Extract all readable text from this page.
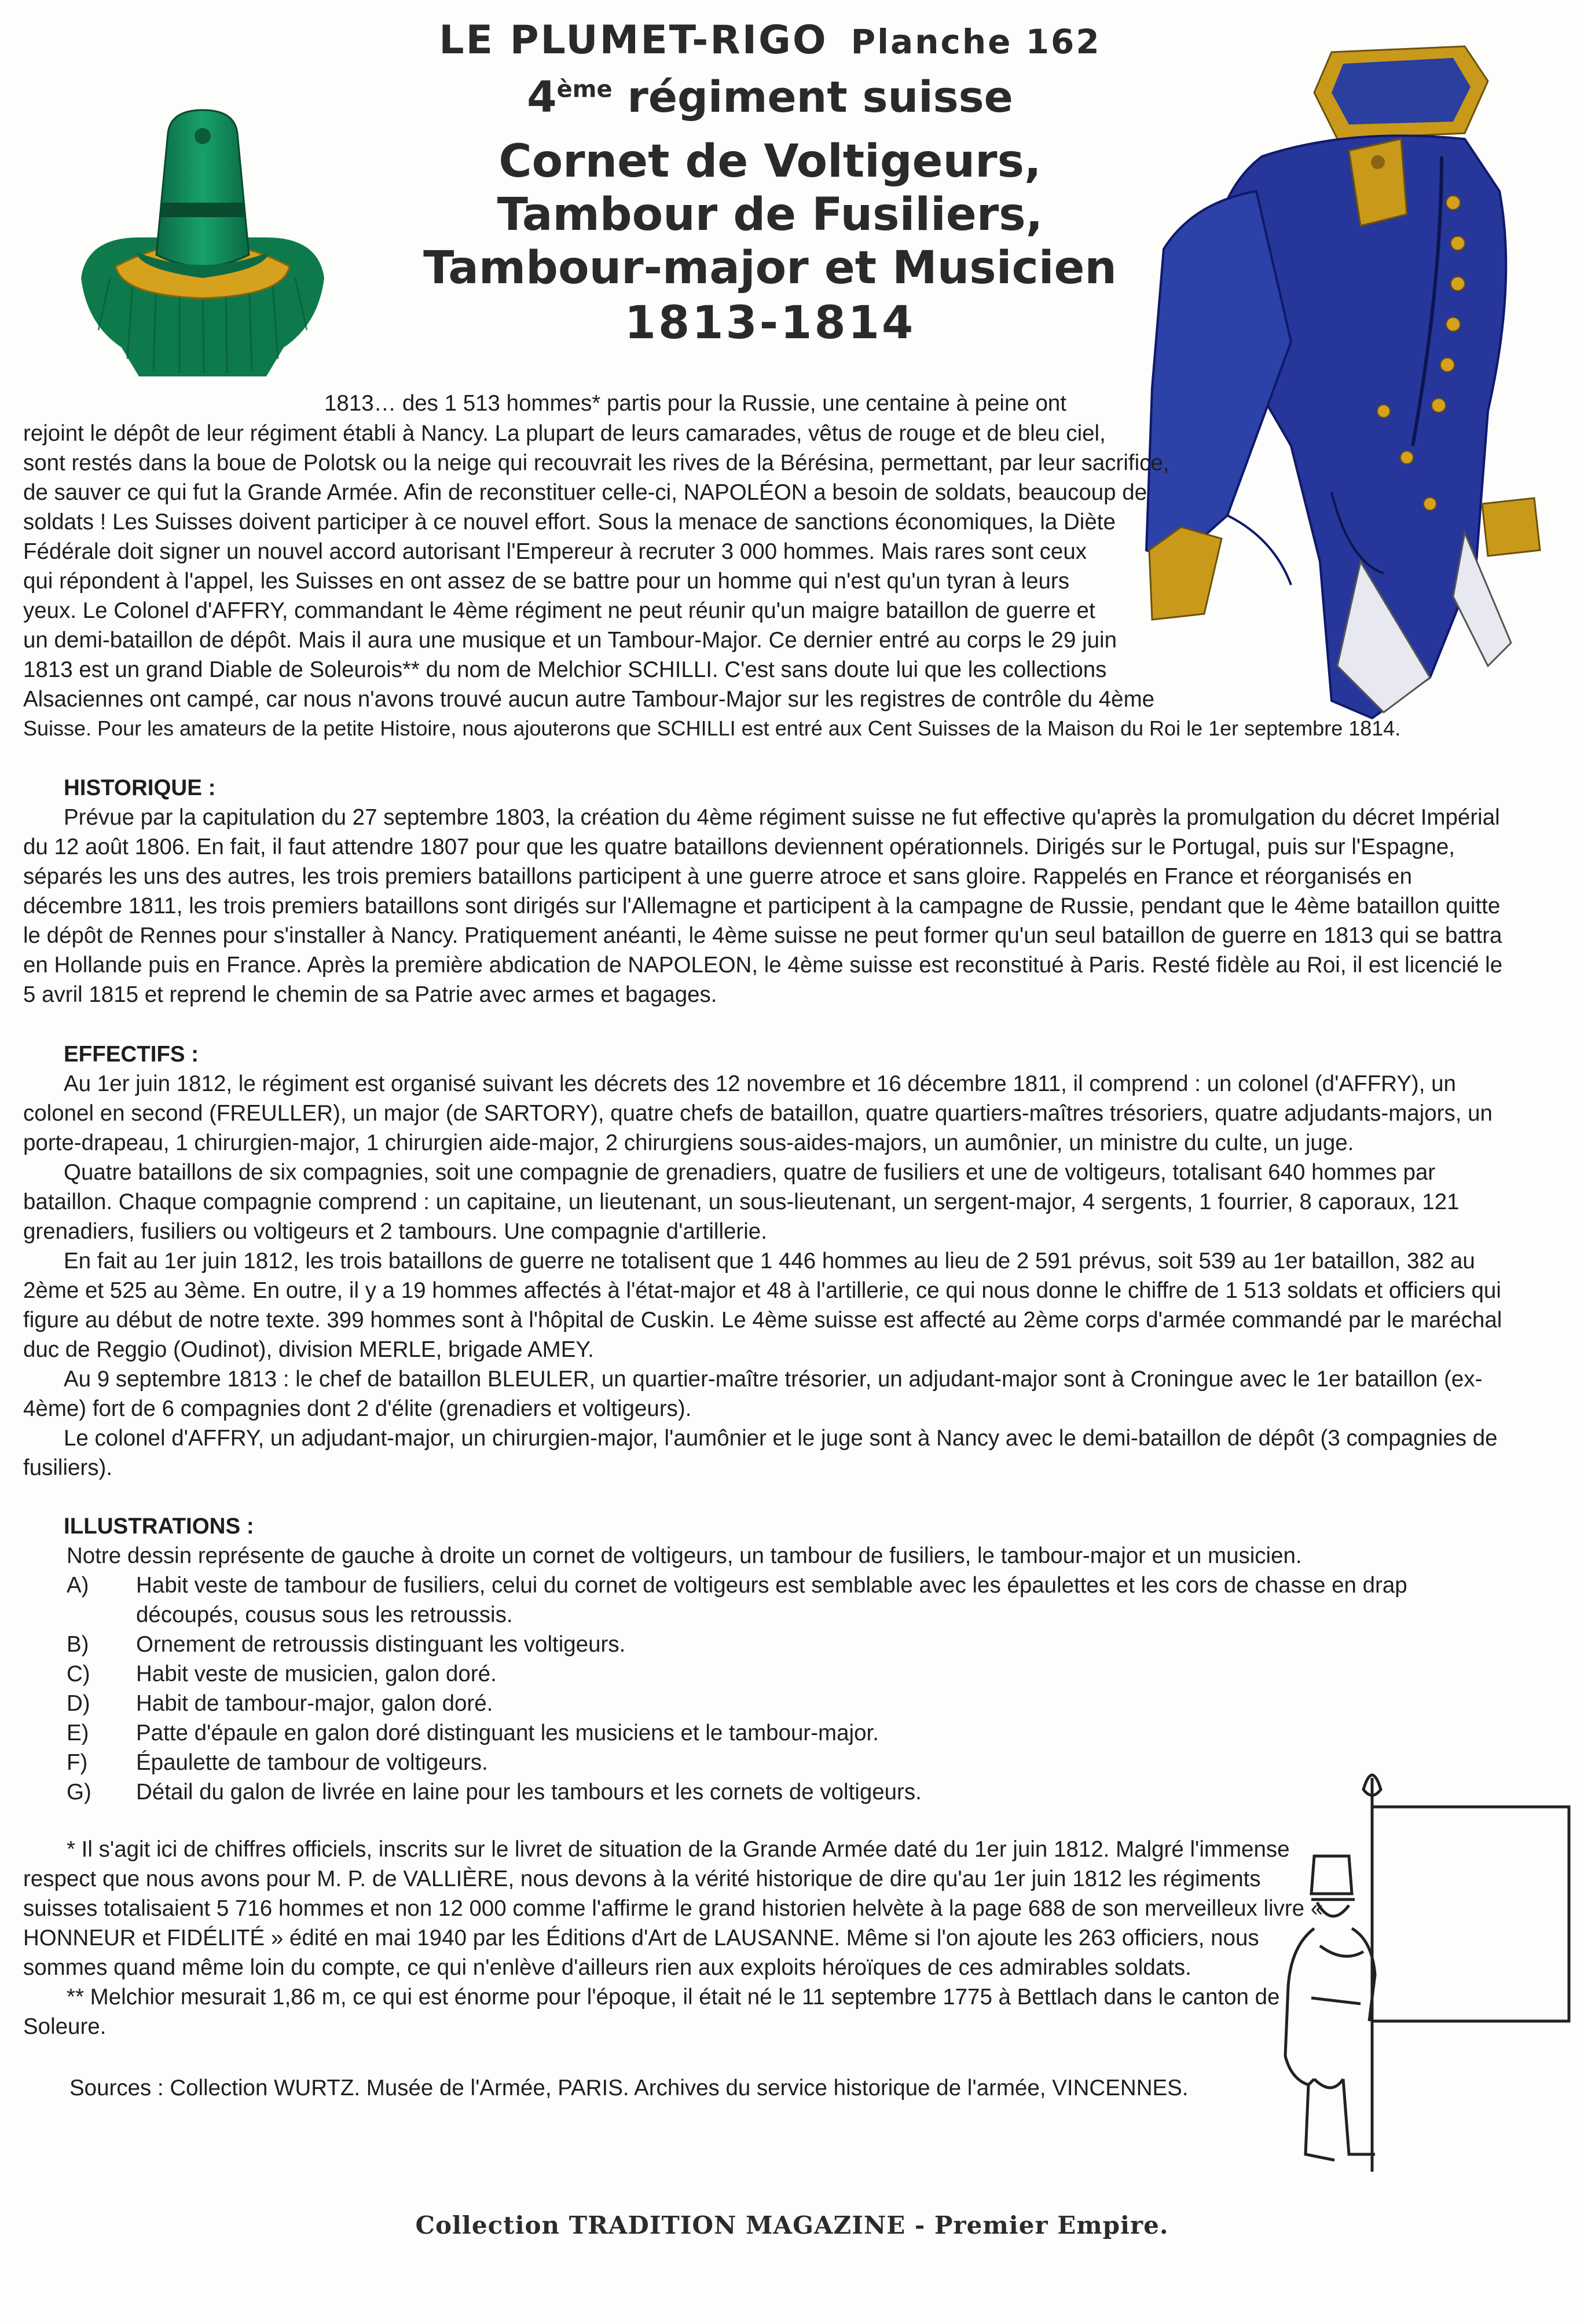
LE PLUMET-RIGO Planche 162
4ème régiment suisse
Cornet de Voltigeurs,
Tambour de Fusiliers,
Tambour-major et Musicien
1813-1814
1813… des 1 513 hommes* partis pour la Russie, une centaine à peine ont
rejoint le dépôt de leur régiment établi à Nancy. La plupart de leurs camarades, vêtus de rouge et de bleu ciel,
sont restés dans la boue de Polotsk ou la neige qui recouvrait les rives de la Bérésina, permettant, par leur sacrifice,
de sauver ce qui fut la Grande Armée. Afin de reconstituer celle-ci, NAPOLÉON a besoin de soldats, beaucoup de
soldats ! Les Suisses doivent participer à ce nouvel effort. Sous la menace de sanctions économiques, la Diète
Fédérale doit signer un nouvel accord autorisant l'Empereur à recruter 3 000 hommes. Mais rares sont ceux
qui répondent à l'appel, les Suisses en ont assez de se battre pour un homme qui n'est qu'un tyran à leurs
yeux. Le Colonel d'AFFRY, commandant le 4ème régiment ne peut réunir qu'un maigre bataillon de guerre et
un demi-bataillon de dépôt. Mais il aura une musique et un Tambour-Major. Ce dernier entré au corps le 29 juin
1813 est un grand Diable de Soleurois** du nom de Melchior SCHILLI. C'est sans doute lui que les collections
Alsaciennes ont campé, car nous n'avons trouvé aucun autre Tambour-Major sur les registres de contrôle du 4ème
Suisse. Pour les amateurs de la petite Histoire, nous ajouterons que SCHILLI est entré aux Cent Suisses de la Maison du Roi le 1er septembre 1814.

HISTORIQUE :

Prévue par la capitulation du 27 septembre 1803, la création du 4ème régiment suisse ne fut effective qu'après la promulgation du décret Impérial du 12 août 1806. En fait, il faut attendre 1807 pour que les quatre bataillons deviennent opérationnels. Dirigés sur le Portugal, puis sur l'Espagne, séparés les uns des autres, les trois premiers bataillons participent à une guerre atroce et sans gloire. Rappelés en France et réorganisés en décembre 1811, les trois premiers bataillons sont dirigés sur l'Allemagne et participent à la campagne de Russie, pendant que le 4ème bataillon quitte le dépôt de Rennes pour s'installer à Nancy. Pratiquement anéanti, le 4ème suisse ne peut former qu'un seul bataillon de guerre en 1813 qui se battra en Hollande puis en France. Après la première abdication de NAPOLEON, le 4ème suisse est reconstitué à Paris. Resté fidèle au Roi, il est licencié le 5 avril 1815 et reprend le chemin de sa Patrie avec armes et bagages.

EFFECTIFS :

Au 1er juin 1812, le régiment est organisé suivant les décrets des 12 novembre et 16 décembre 1811, il comprend : un colonel (d'AFFRY), un colonel en second (FREULLER), un major (de SARTORY), quatre chefs de bataillon, quatre quartiers-maîtres trésoriers, quatre adjudants-majors, un porte-drapeau, 1 chirurgien-major, 1 chirurgien aide-major, 2 chirurgiens sous-aides-majors, un aumônier, un ministre du culte, un juge.

Quatre bataillons de six compagnies, soit une compagnie de grenadiers, quatre de fusiliers et une de voltigeurs, totalisant 640 hommes par bataillon. Chaque compagnie comprend : un capitaine, un lieutenant, un sous-lieutenant, un sergent-major, 4 sergents, 1 fourrier, 8 caporaux, 121 grenadiers, fusiliers ou voltigeurs et 2 tambours. Une compagnie d'artillerie.

En fait au 1er juin 1812, les trois bataillons de guerre ne totalisent que 1 446 hommes au lieu de 2 591 prévus, soit 539 au 1er bataillon, 382 au 2ème et 525 au 3ème. En outre, il y a 19 hommes affectés à l'état-major et 48 à l'artillerie, ce qui nous donne le chiffre de 1 513 soldats et officiers qui figure au début de notre texte. 399 hommes sont à l'hôpital de Cuskin. Le 4ème suisse est affecté au 2ème corps d'armée commandé par le maréchal duc de Reggio (Oudinot), division MERLE, brigade AMEY.

Au 9 septembre 1813 : le chef de bataillon BLEULER, un quartier-maître trésorier, un adjudant-major sont à Croningue avec le 1er bataillon (ex-4ème) fort de 6 compagnies dont 2 d'élite (grenadiers et voltigeurs).

Le colonel d'AFFRY, un adjudant-major, un chirurgien-major, l'aumônier et le juge sont à Nancy avec le demi-bataillon de dépôt (3 compagnies de fusiliers).

ILLUSTRATIONS :

Notre dessin représente de gauche à droite un cornet de voltigeurs, un tambour de fusiliers, le tambour-major et un musicien.

A)	Habit veste de tambour de fusiliers, celui du cornet de voltigeurs est semblable avec les épaulettes et les cors de chasse en drap découpés, cousus sous les retroussis.
B)	Ornement de retroussis distinguant les voltigeurs.
C)	Habit veste de musicien, galon doré.
D)	Habit de tambour-major, galon doré.
E)	Patte d'épaule en galon doré distinguant les musiciens et le tambour-major.
F)	Épaulette de tambour de voltigeurs.
G)	Détail du galon de livrée en laine pour les tambours et les cornets de voltigeurs.

* Il s'agit ici de chiffres officiels, inscrits sur le livret de situation de la Grande Armée daté du 1er juin 1812. Malgré l'immense respect que nous avons pour M. P. de VALLIÈRE, nous devons à la vérité historique de dire qu'au 1er juin 1812 les régiments suisses totalisaient 5 716 hommes et non 12 000 comme l'affirme le grand historien helvète à la page 688 de son merveilleux livre « HONNEUR et FIDÉLITÉ » édité en mai 1940 par les Éditions d'Art de LAUSANNE. Même si l'on ajoute les 263 officiers, nous sommes quand même loin du compte, ce qui n'enlève d'ailleurs rien aux exploits héroïques de ces admirables soldats.

** Melchior mesurait 1,86 m, ce qui est énorme pour l'époque, il était né le 11 septembre 1775 à Bettlach dans le canton de Soleure.

Sources : Collection WURTZ. Musée de l'Armée, PARIS. Archives du service historique de l'armée, VINCENNES.
Collection TRADITION MAGAZINE - Premier Empire.
